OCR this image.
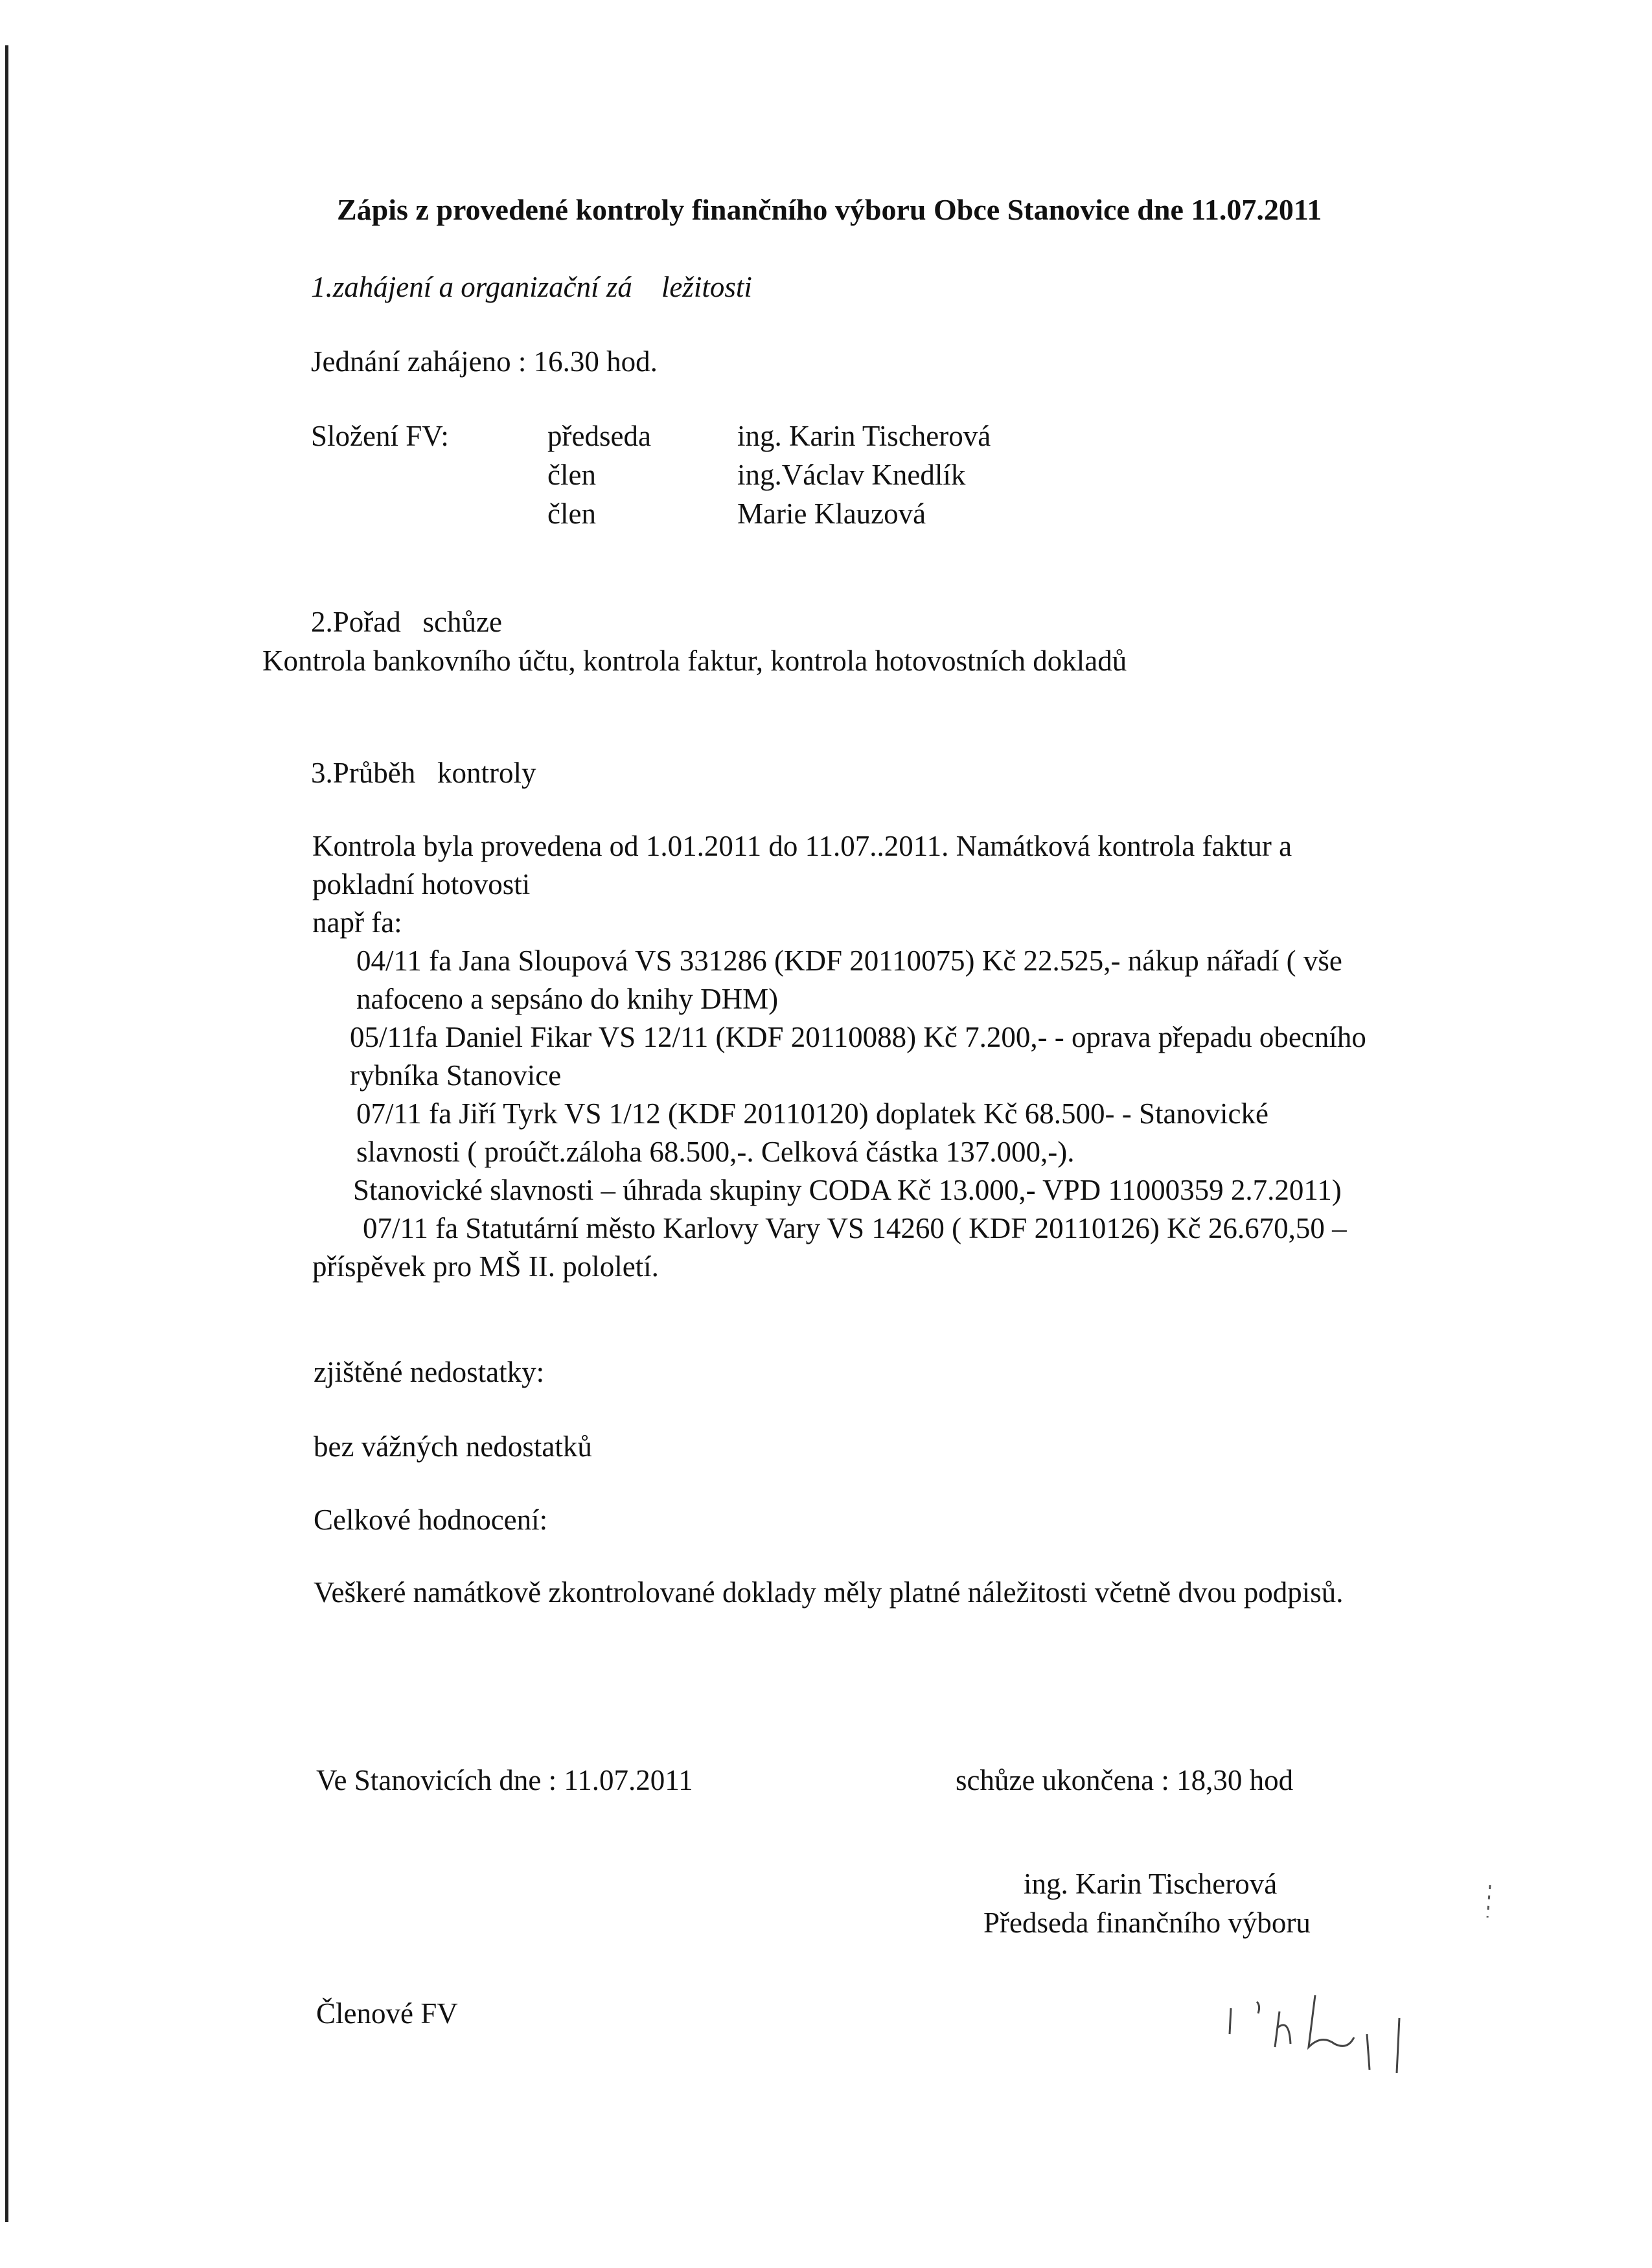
Zápis z provedené kontroly finančního výboru Obce Stanovice dne 11.07.2011
1.zahájení a organizační zá    ležitosti
Jednání zahájeno : 16.30 hod.
Složení FV:	předseda	ing. Karin Tischerová
člen	ing.Václav Knedlík
člen	Marie Klauzová
2.Pořad   schůze
Kontrola bankovního účtu, kontrola faktur, kontrola hotovostních dokladů
3.Průběh   kontroly
Kontrola byla provedena od 1.01.2011 do 11.07..2011. Namátková kontrola faktur a
pokladní hotovosti
např fa:
04/11 fa Jana Sloupová VS 331286 (KDF 20110075) Kč 22.525,- nákup nářadí ( vše
nafoceno a sepsáno do knihy DHM)
05/11fa Daniel Fikar VS 12/11 (KDF 20110088) Kč 7.200,- - oprava přepadu obecního
rybníka Stanovice
07/11 fa Jiří Tyrk VS 1/12 (KDF 20110120) doplatek Kč 68.500- - Stanovické
slavnosti ( proúčt.záloha 68.500,-. Celková částka 137.000,-).
Stanovické slavnosti – úhrada skupiny CODA Kč 13.000,- VPD 11000359 2.7.2011)
07/11 fa Statutární město Karlovy Vary VS 14260 ( KDF 20110126) Kč 26.670,50 –
příspěvek pro MŠ II. pololetí.
zjištěné nedostatky:
bez vážných nedostatků
Celkové hodnocení:
Veškeré namátkově zkontrolované doklady měly platné náležitosti včetně dvou podpisů.
Ve Stanovicích dne : 11.07.2011	schůze ukončena : 18,30 hod
ing. Karin Tischerová
Předseda finančního výboru
Členové FV
